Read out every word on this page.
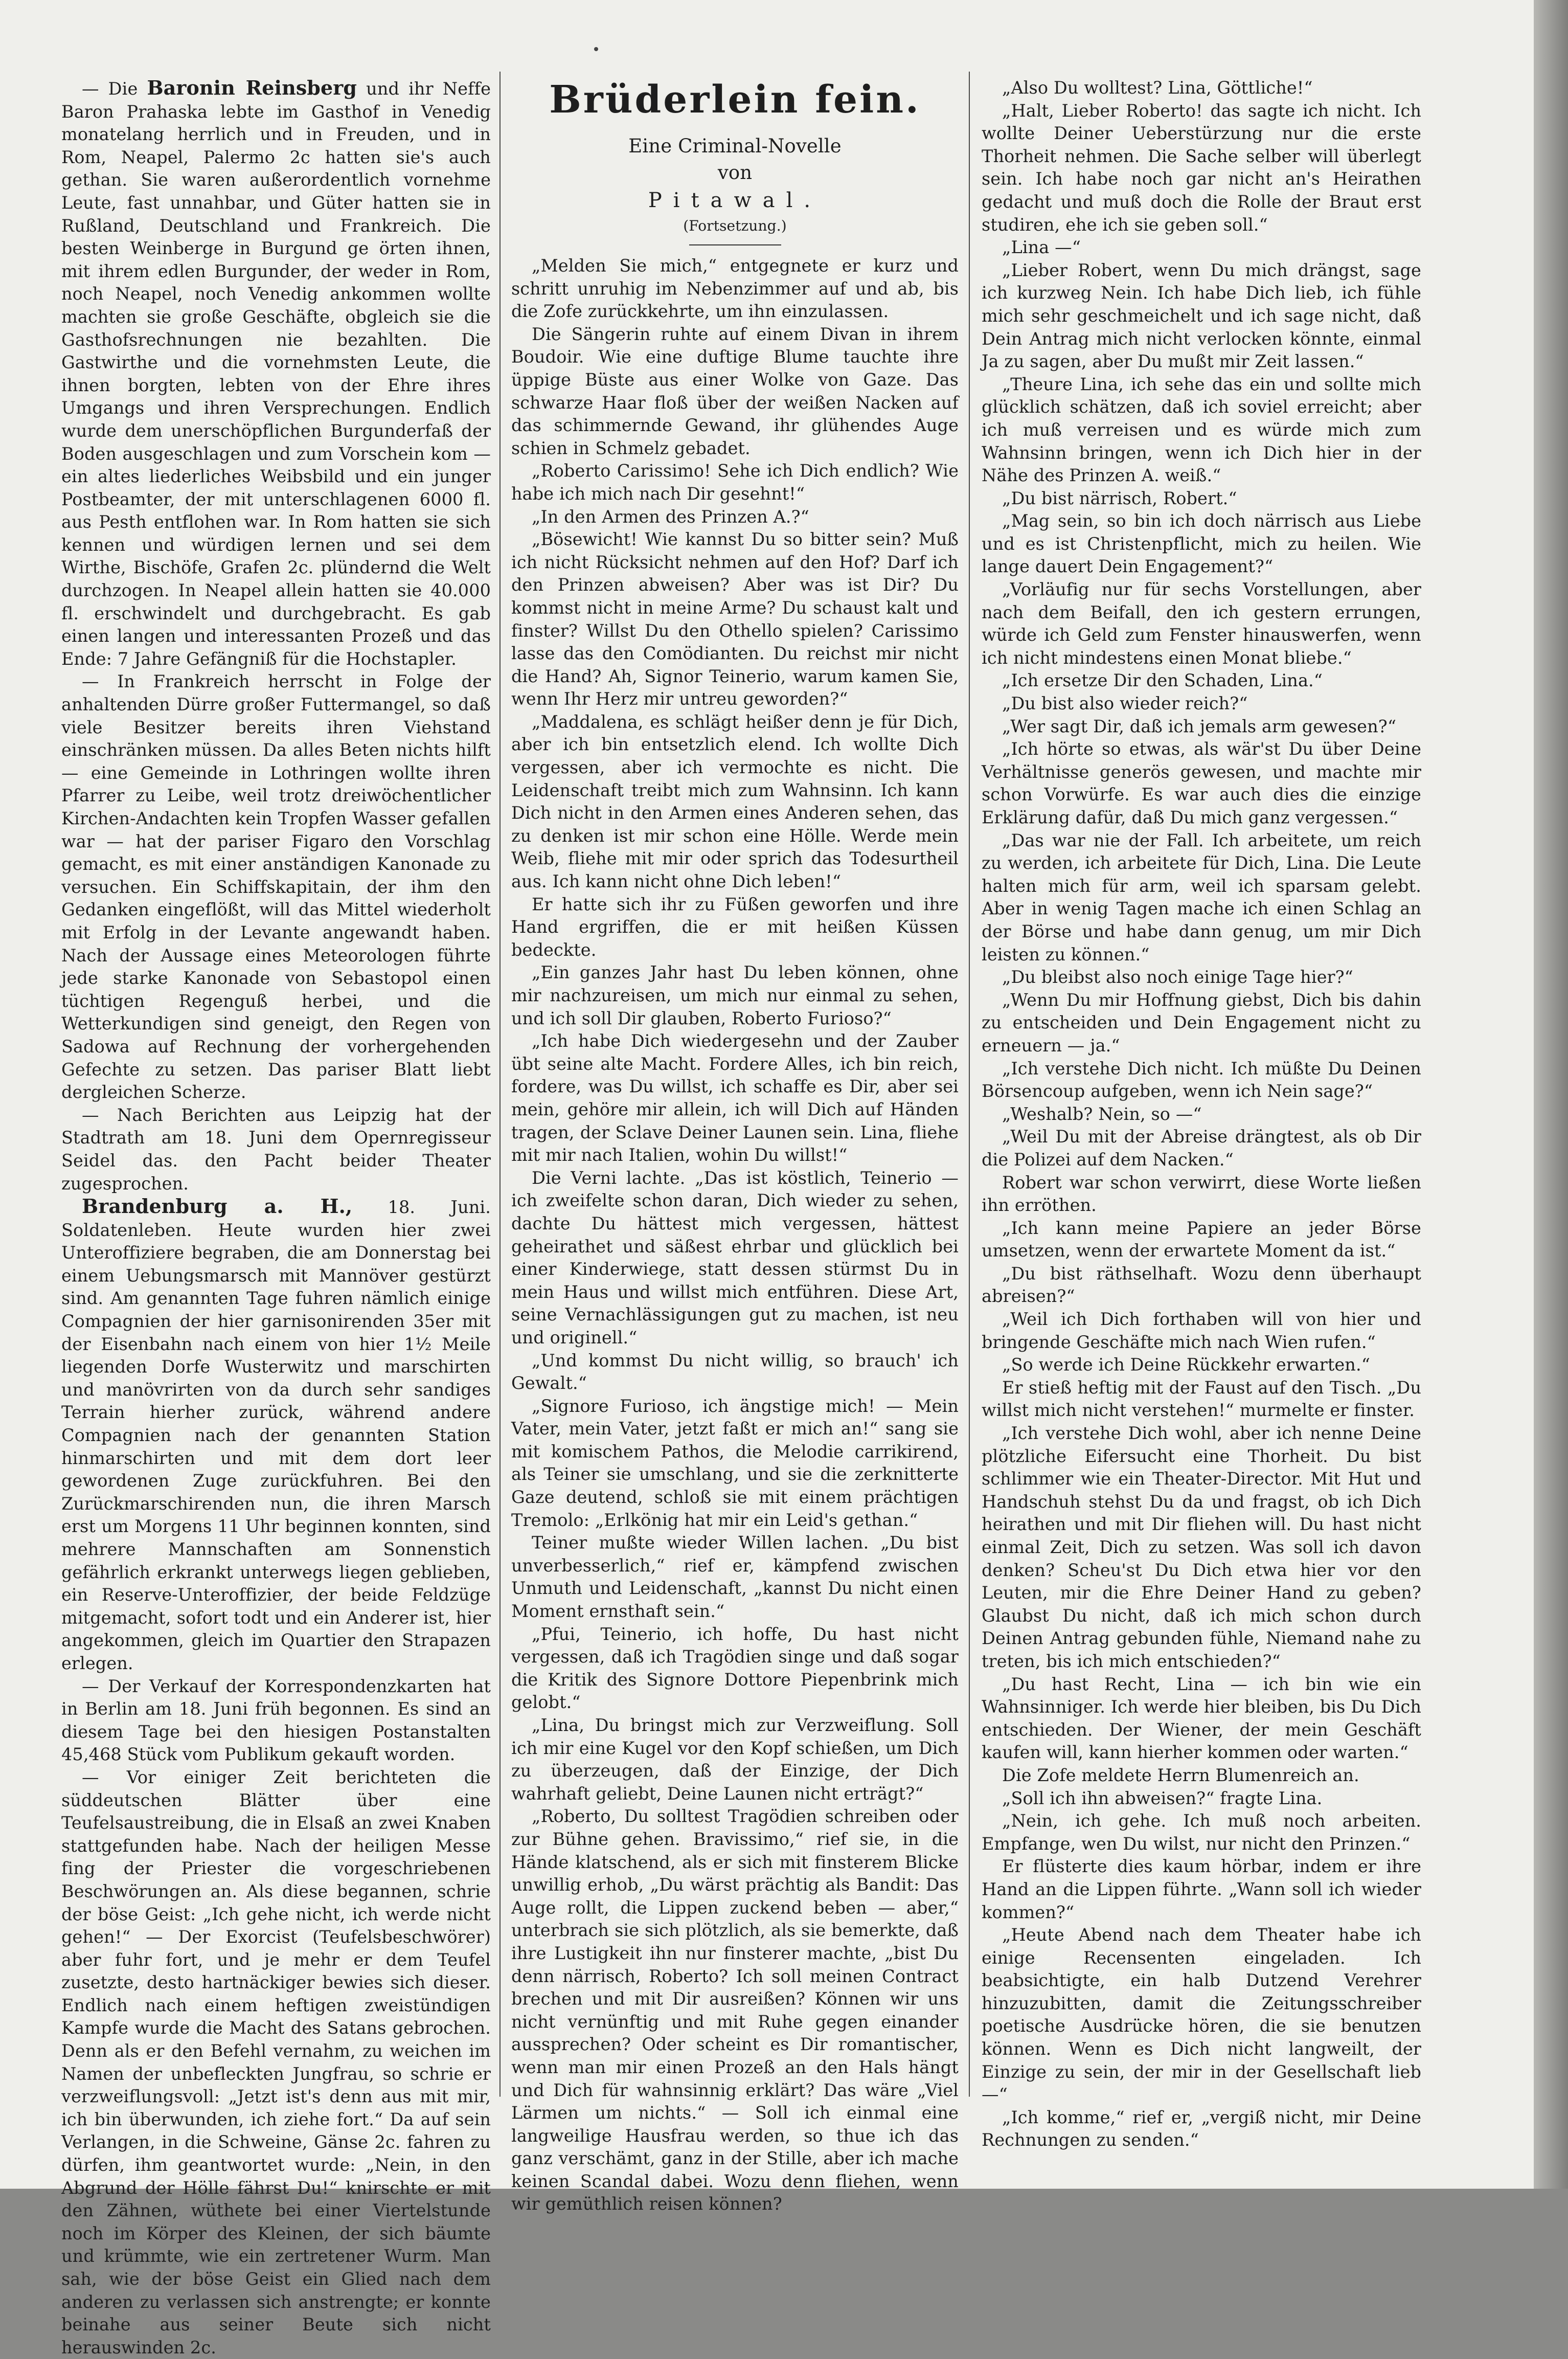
— Die Baronin Reinsberg und ihr Neffe Baron Prahaska lebte im Gasthof in Venedig monatelang herrlich und in Freuden, und in Rom, Neapel, Palermo 2c hatten sie's auch gethan. Sie waren außerordentlich vornehme Leute, fast unnahbar, und Güter hatten sie in Rußland, Deutschland und Frankreich. Die besten Weinberge in Burgund ge örten ihnen, mit ihrem edlen Burgunder, der weder in Rom, noch Neapel, noch Venedig ankommen wollte machten sie große Geschäfte, obgleich sie die Gasthofsrechnungen nie bezahlten. Die Gastwirthe und die vornehmsten Leute, die ihnen borgten, lebten von der Ehre ihres Umgangs und ihren Versprechungen. Endlich wurde dem unerschöpflichen Burgunderfaß der Boden ausgeschlagen und zum Vorschein kom — ein altes liederliches Weibsbild und ein junger Postbeamter, der mit unterschlagenen 6000 fl. aus Pesth entflohen war. In Rom hatten sie sich kennen und würdigen lernen und sei dem Wirthe, Bischöfe, Grafen 2c. plündernd die Welt durchzogen. In Neapel allein hatten sie 40.000 fl. erschwindelt und durchgebracht. Es gab einen langen und interessanten Prozeß und das Ende: 7 Jahre Gefängniß für die Hochstapler.

— In Frankreich herrscht in Folge der anhaltenden Dürre großer Futtermangel, so daß viele Besitzer bereits ihren Viehstand einschränken müssen. Da alles Beten nichts hilft — eine Gemeinde in Lothringen wollte ihren Pfarrer zu Leibe, weil trotz dreiwöchentlicher Kirchen-Andachten kein Tropfen Wasser gefallen war — hat der pariser Figaro den Vorschlag gemacht, es mit einer anständigen Kanonade zu versuchen. Ein Schiffskapitain, der ihm den Gedanken eingeflößt, will das Mittel wiederholt mit Erfolg in der Levante angewandt haben. Nach der Aussage eines Meteorologen führte jede starke Kanonade von Sebastopol einen tüchtigen Regenguß herbei, und die Wetterkundigen sind geneigt, den Regen von Sadowa auf Rechnung der vorhergehenden Gefechte zu setzen. Das pariser Blatt liebt dergleichen Scherze.

— Nach Berichten aus Leipzig hat der Stadtrath am 18. Juni dem Opernregisseur Seidel das. den Pacht beider Theater zugesprochen.

Brandenburg a. H., 18. Juni. Soldatenleben. Heute wurden hier zwei Unteroffiziere begraben, die am Donnerstag bei einem Uebungsmarsch mit Mannöver gestürzt sind. Am genannten Tage fuhren nämlich einige Compagnien der hier garnisonirenden 35er mit der Eisenbahn nach einem von hier 1½ Meile liegenden Dorfe Wusterwitz und marschirten und manövrirten von da durch sehr sandiges Terrain hierher zurück, während andere Compagnien nach der genannten Station hinmarschirten und mit dem dort leer gewordenen Zuge zurückfuhren. Bei den Zurückmarschirenden nun, die ihren Marsch erst um Morgens 11 Uhr beginnen konnten, sind mehrere Mannschaften am Sonnenstich gefährlich erkrankt unterwegs liegen geblieben, ein Reserve-Unteroffizier, der beide Feldzüge mitgemacht, sofort todt und ein Anderer ist, hier angekommen, gleich im Quartier den Strapazen erlegen.

— Der Verkauf der Korrespondenzkarten hat in Berlin am 18. Juni früh begonnen. Es sind an diesem Tage bei den hiesigen Postanstalten 45,468 Stück vom Publikum gekauft worden.

— Vor einiger Zeit berichteten die süddeutschen Blätter über eine Teufelsaustreibung, die in Elsaß an zwei Knaben stattgefunden habe. Nach der heiligen Messe fing der Priester die vorgeschriebenen Beschwörungen an. Als diese begannen, schrie der böse Geist: „Ich gehe nicht, ich werde nicht gehen!“ — Der Exorcist (Teufelsbeschwörer) aber fuhr fort, und je mehr er dem Teufel zusetzte, desto hartnäckiger bewies sich dieser. Endlich nach einem heftigen zweistündigen Kampfe wurde die Macht des Satans gebrochen. Denn als er den Befehl vernahm, zu weichen im Namen der unbefleckten Jungfrau, so schrie er verzweiflungsvoll: „Jetzt ist's denn aus mit mir, ich bin überwunden, ich ziehe fort.“ Da auf sein Verlangen, in die Schweine, Gänse 2c. fahren zu dürfen, ihm geantwortet wurde: „Nein, in den Abgrund der Hölle fährst Du!“ knirschte er mit den Zähnen, wüthete bei einer Viertelstunde noch im Körper des Kleinen, der sich bäumte und krümmte, wie ein zertretener Wurm. Man sah, wie der böse Geist ein Glied nach dem anderen zu verlassen sich anstrengte; er konnte beinahe aus seiner Beute sich nicht herauswinden 2c.

Brüderlein fein.
Eine Criminal-Novelle
von
Pitawal.
(Fortsetzung.)

„Melden Sie mich,“ entgegnete er kurz und schritt unruhig im Nebenzimmer auf und ab, bis die Zofe zurückkehrte, um ihn einzulassen.

Die Sängerin ruhte auf einem Divan in ihrem Boudoir. Wie eine duftige Blume tauchte ihre üppige Büste aus einer Wolke von Gaze. Das schwarze Haar floß über der weißen Nacken auf das schimmernde Gewand, ihr glühendes Auge schien in Schmelz gebadet.

„Roberto Carissimo! Sehe ich Dich endlich? Wie habe ich mich nach Dir gesehnt!“

„In den Armen des Prinzen A.?“

„Bösewicht! Wie kannst Du so bitter sein? Muß ich nicht Rücksicht nehmen auf den Hof? Darf ich den Prinzen abweisen? Aber was ist Dir? Du kommst nicht in meine Arme? Du schaust kalt und finster? Willst Du den Othello spielen? Carissimo lasse das den Comödianten. Du reichst mir nicht die Hand? Ah, Signor Teinerio, warum kamen Sie, wenn Ihr Herz mir untreu geworden?“

„Maddalena, es schlägt heißer denn je für Dich, aber ich bin entsetzlich elend. Ich wollte Dich vergessen, aber ich vermochte es nicht. Die Leidenschaft treibt mich zum Wahnsinn. Ich kann Dich nicht in den Armen eines Anderen sehen, das zu denken ist mir schon eine Hölle. Werde mein Weib, fliehe mit mir oder sprich das Todesurtheil aus. Ich kann nicht ohne Dich leben!“

Er hatte sich ihr zu Füßen geworfen und ihre Hand ergriffen, die er mit heißen Küssen bedeckte.

„Ein ganzes Jahr hast Du leben können, ohne mir nachzureisen, um mich nur einmal zu sehen, und ich soll Dir glauben, Roberto Furioso?“

„Ich habe Dich wiedergesehn und der Zauber übt seine alte Macht. Fordere Alles, ich bin reich, fordere, was Du willst, ich schaffe es Dir, aber sei mein, gehöre mir allein, ich will Dich auf Händen tragen, der Sclave Deiner Launen sein. Lina, fliehe mit mir nach Italien, wohin Du willst!“

Die Verni lachte. „Das ist köstlich, Teinerio — ich zweifelte schon daran, Dich wieder zu sehen, dachte Du hättest mich vergessen, hättest geheirathet und säßest ehrbar und glücklich bei einer Kinderwiege, statt dessen stürmst Du in mein Haus und willst mich entführen. Diese Art, seine Vernachlässigungen gut zu machen, ist neu und originell.“

„Und kommst Du nicht willig, so brauch' ich Gewalt.“

„Signore Furioso, ich ängstige mich! — Mein Vater, mein Vater, jetzt faßt er mich an!“ sang sie mit komischem Pathos, die Melodie carrikirend, als Teiner sie umschlang, und sie die zerknitterte Gaze deutend, schloß sie mit einem prächtigen Tremolo: „Erlkönig hat mir ein Leid's gethan.“

Teiner mußte wieder Willen lachen. „Du bist unverbesserlich,“ rief er, kämpfend zwischen Unmuth und Leidenschaft, „kannst Du nicht einen Moment ernsthaft sein.“

„Pfui, Teinerio, ich hoffe, Du hast nicht vergessen, daß ich Tragödien singe und daß sogar die Kritik des Signore Dottore Piepenbrink mich gelobt.“

„Lina, Du bringst mich zur Verzweiflung. Soll ich mir eine Kugel vor den Kopf schießen, um Dich zu überzeugen, daß der Einzige, der Dich wahrhaft geliebt, Deine Launen nicht erträgt?“

„Roberto, Du solltest Tragödien schreiben oder zur Bühne gehen. Bravissimo,“ rief sie, in die Hände klatschend, als er sich mit finsterem Blicke unwillig erhob, „Du wärst prächtig als Bandit: Das Auge rollt, die Lippen zuckend beben — aber,“ unterbrach sie sich plötzlich, als sie bemerkte, daß ihre Lustigkeit ihn nur finsterer machte, „bist Du denn närrisch, Roberto? Ich soll meinen Contract brechen und mit Dir ausreißen? Können wir uns nicht vernünftig und mit Ruhe gegen einander aussprechen? Oder scheint es Dir romantischer, wenn man mir einen Prozeß an den Hals hängt und Dich für wahnsinnig erklärt? Das wäre „Viel Lärmen um nichts.“ — Soll ich einmal eine langweilige Hausfrau werden, so thue ich das ganz verschämt, ganz in der Stille, aber ich mache keinen Scandal dabei. Wozu denn fliehen, wenn wir gemüthlich reisen können?

„Also Du wolltest? Lina, Göttliche!“

„Halt, Lieber Roberto! das sagte ich nicht. Ich wollte Deiner Ueberstürzung nur die erste Thorheit nehmen. Die Sache selber will überlegt sein. Ich habe noch gar nicht an's Heirathen gedacht und muß doch die Rolle der Braut erst studiren, ehe ich sie geben soll.“

„Lina —“

„Lieber Robert, wenn Du mich drängst, sage ich kurzweg Nein. Ich habe Dich lieb, ich fühle mich sehr geschmeichelt und ich sage nicht, daß Dein Antrag mich nicht verlocken könnte, einmal Ja zu sagen, aber Du mußt mir Zeit lassen.“

„Theure Lina, ich sehe das ein und sollte mich glücklich schätzen, daß ich soviel erreicht; aber ich muß verreisen und es würde mich zum Wahnsinn bringen, wenn ich Dich hier in der Nähe des Prinzen A. weiß.“

„Du bist närrisch, Robert.“

„Mag sein, so bin ich doch närrisch aus Liebe und es ist Christenpflicht, mich zu heilen. Wie lange dauert Dein Engagement?“

„Vorläufig nur für sechs Vorstellungen, aber nach dem Beifall, den ich gestern errungen, würde ich Geld zum Fenster hinauswerfen, wenn ich nicht mindestens einen Monat bliebe.“

„Ich ersetze Dir den Schaden, Lina.“

„Du bist also wieder reich?“

„Wer sagt Dir, daß ich jemals arm gewesen?“

„Ich hörte so etwas, als wär'st Du über Deine Verhältnisse generös gewesen, und machte mir schon Vorwürfe. Es war auch dies die einzige Erklärung dafür, daß Du mich ganz vergessen.“

„Das war nie der Fall. Ich arbeitete, um reich zu werden, ich arbeitete für Dich, Lina. Die Leute halten mich für arm, weil ich sparsam gelebt. Aber in wenig Tagen mache ich einen Schlag an der Börse und habe dann genug, um mir Dich leisten zu können.“

„Du bleibst also noch einige Tage hier?“

„Wenn Du mir Hoffnung giebst, Dich bis dahin zu entscheiden und Dein Engagement nicht zu erneuern — ja.“

„Ich verstehe Dich nicht. Ich müßte Du Deinen Börsencoup aufgeben, wenn ich Nein sage?“

„Weshalb? Nein, so —“

„Weil Du mit der Abreise drängtest, als ob Dir die Polizei auf dem Nacken.“

Robert war schon verwirrt, diese Worte ließen ihn erröthen.

„Ich kann meine Papiere an jeder Börse umsetzen, wenn der erwartete Moment da ist.“

„Du bist räthselhaft. Wozu denn überhaupt abreisen?“

„Weil ich Dich forthaben will von hier und bringende Geschäfte mich nach Wien rufen.“

„So werde ich Deine Rückkehr erwarten.“

Er stieß heftig mit der Faust auf den Tisch. „Du willst mich nicht verstehen!“ murmelte er finster.

„Ich verstehe Dich wohl, aber ich nenne Deine plötzliche Eifersucht eine Thorheit. Du bist schlimmer wie ein Theater-Director. Mit Hut und Handschuh stehst Du da und fragst, ob ich Dich heirathen und mit Dir fliehen will. Du hast nicht einmal Zeit, Dich zu setzen. Was soll ich davon denken? Scheu'st Du Dich etwa hier vor den Leuten, mir die Ehre Deiner Hand zu geben? Glaubst Du nicht, daß ich mich schon durch Deinen Antrag gebunden fühle, Niemand nahe zu treten, bis ich mich entschieden?“

„Du hast Recht, Lina — ich bin wie ein Wahnsinniger. Ich werde hier bleiben, bis Du Dich entschieden. Der Wiener, der mein Geschäft kaufen will, kann hierher kommen oder warten.“

Die Zofe meldete Herrn Blumenreich an.

„Soll ich ihn abweisen?“ fragte Lina.

„Nein, ich gehe. Ich muß noch arbeiten. Empfange, wen Du wilst, nur nicht den Prinzen.“

Er flüsterte dies kaum hörbar, indem er ihre Hand an die Lippen führte. „Wann soll ich wieder kommen?“

„Heute Abend nach dem Theater habe ich einige Recensenten eingeladen. Ich beabsichtigte, ein halb Dutzend Verehrer hinzuzubitten, damit die Zeitungsschreiber poetische Ausdrücke hören, die sie benutzen können. Wenn es Dich nicht langweilt, der Einzige zu sein, der mir in der Gesellschaft lieb —“

„Ich komme,“ rief er, „vergiß nicht, mir Deine Rechnungen zu senden.“
